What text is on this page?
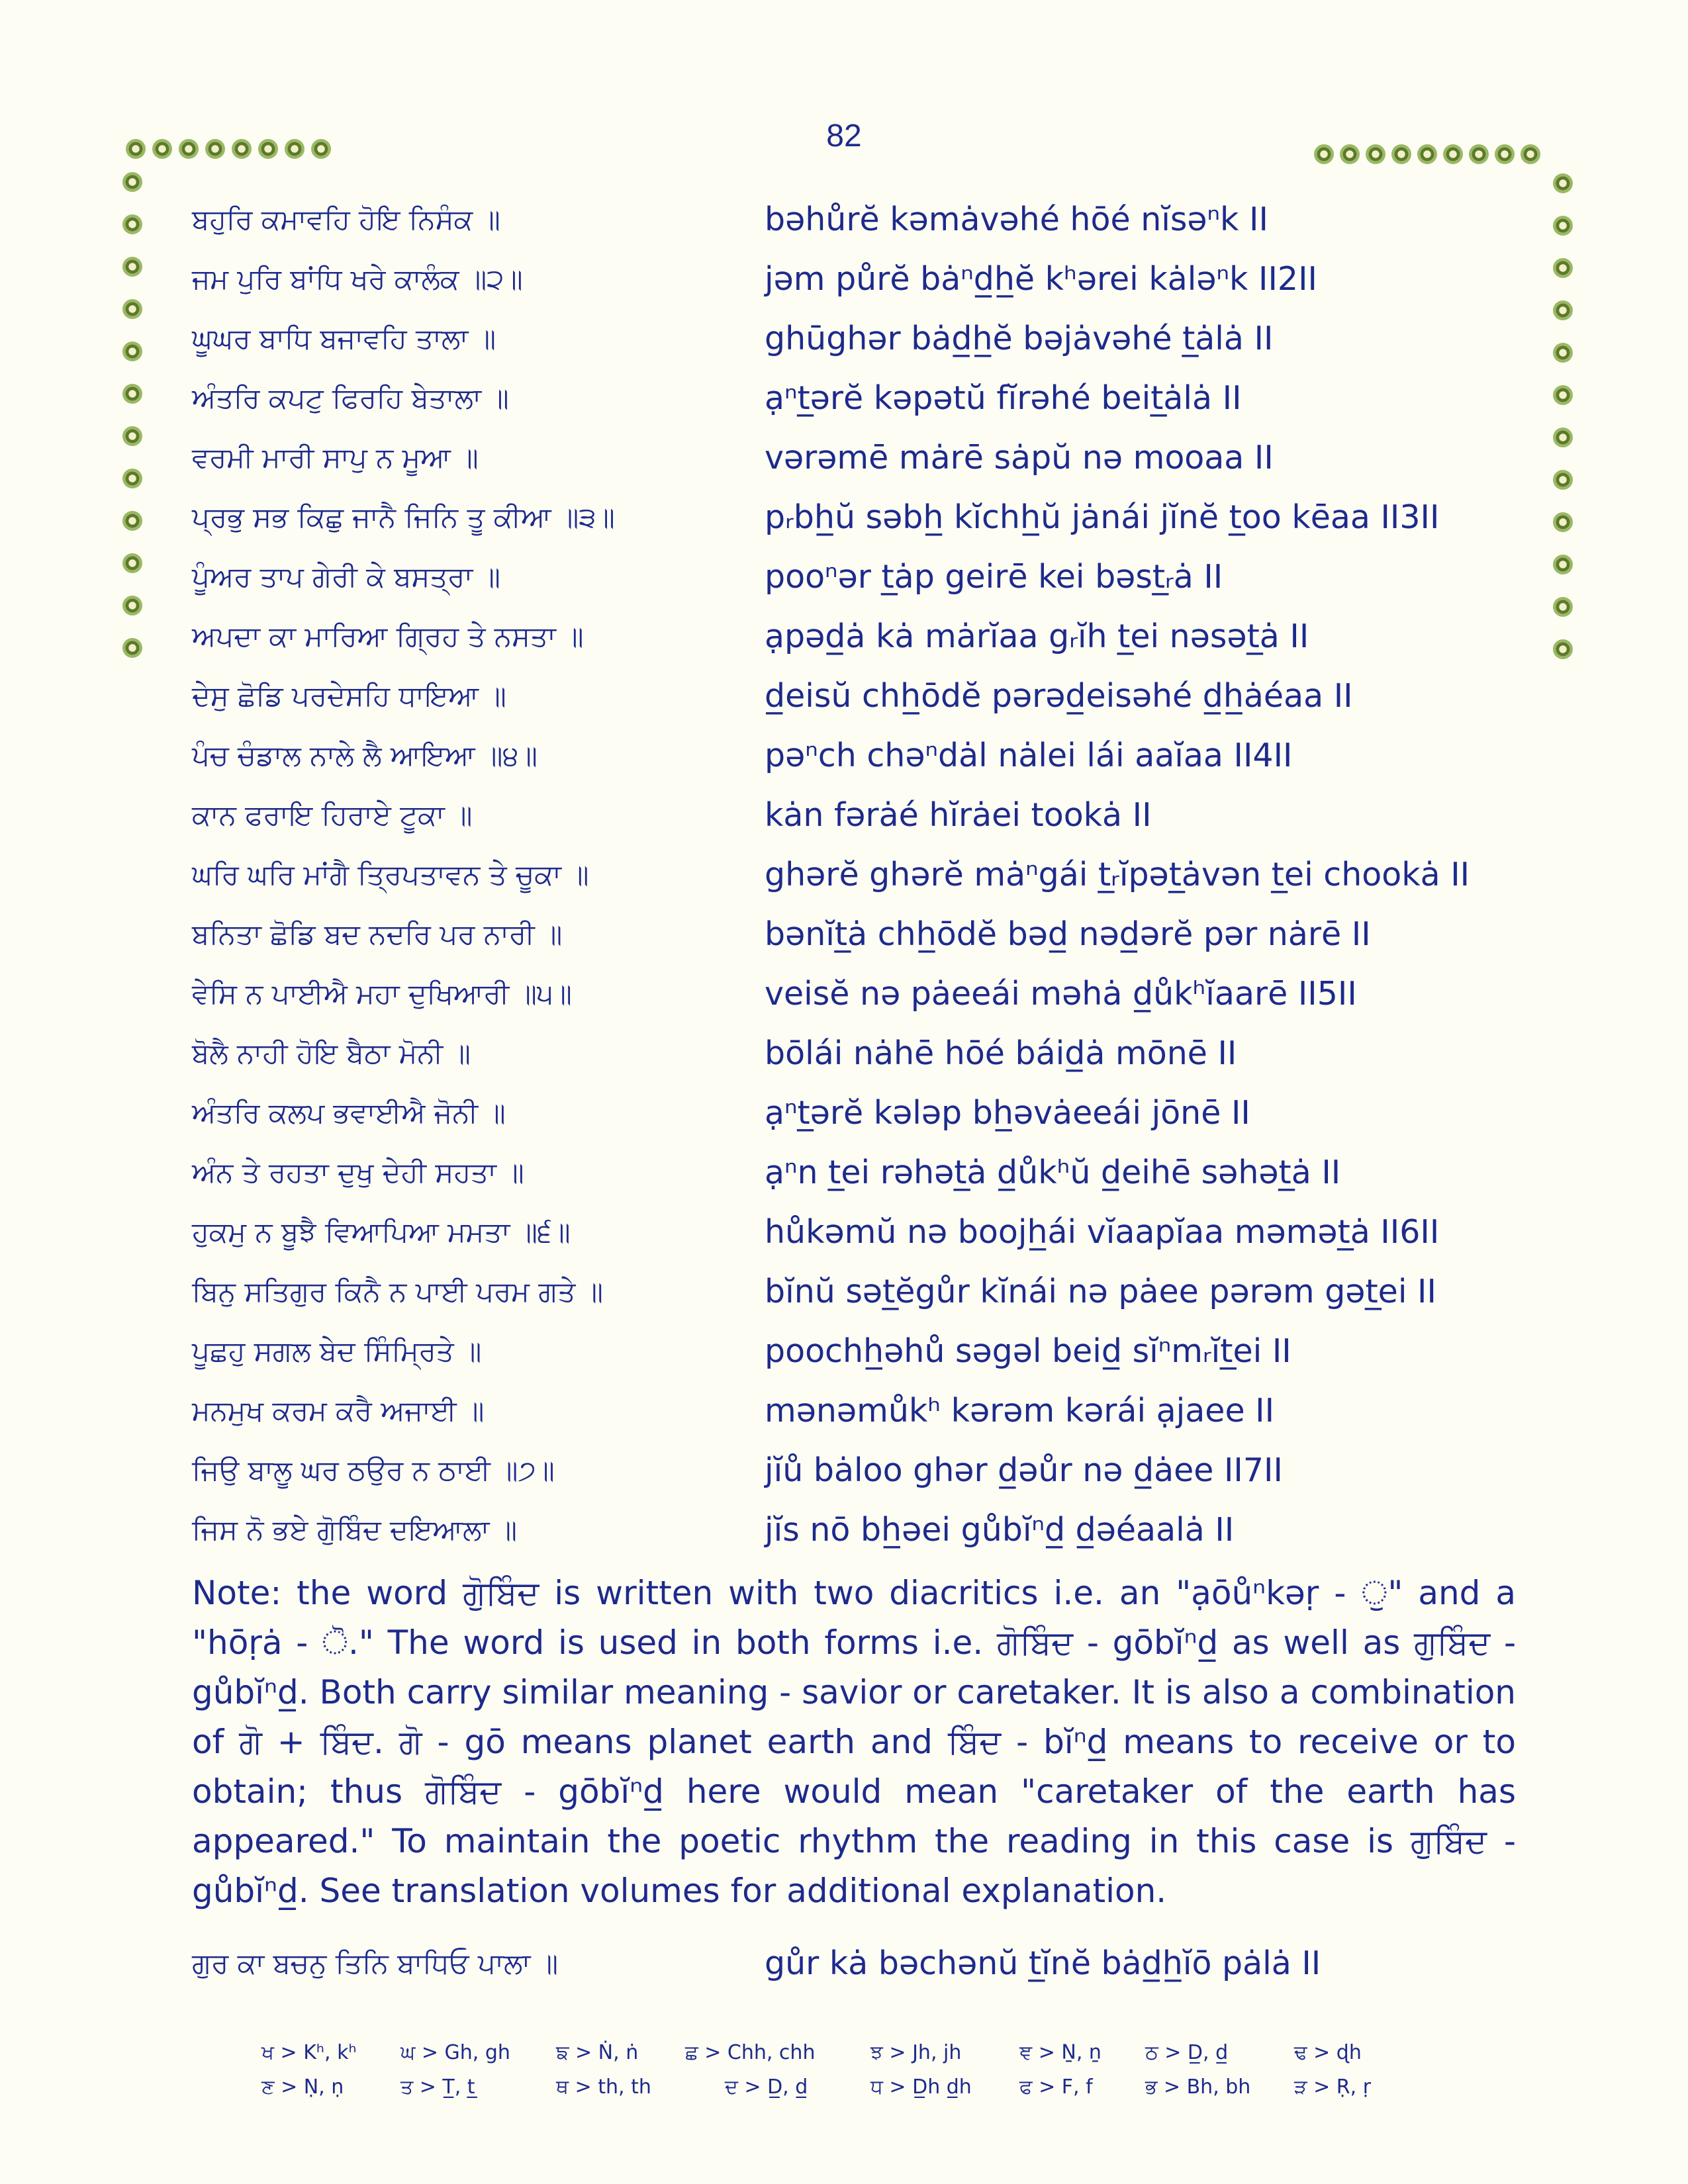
82
ਬਹੁਰਿ ਕਮਾਵਹਿ ਹੋਇ ਨਿਸੰਕ ॥	bəhůrĕ kəmȧvəhé hōé nĭsəⁿk II
ਜਮ ਪੁਰਿ ਬਾਂਧਿ ਖਰੇ ਕਾਲੰਕ ॥੨॥	jəm půrĕ bȧⁿd̲h̲ĕ kʰərei kȧləⁿk II2II
ਘੂਘਰ ਬਾਧਿ ਬਜਾਵਹਿ ਤਾਲਾ ॥	ghūghər bȧd̲h̲ĕ bəjȧvəhé t̲ȧlȧ II
ਅੰਤਰਿ ਕਪਟੁ ਫਿਰਹਿ ਬੇਤਾਲਾ ॥	ạⁿt̲ərĕ kəpətŭ fĭrəhé beit̲ȧlȧ II
ਵਰਮੀ ਮਾਰੀ ਸਾਪੁ ਨ ਮੂਆ ॥	vərəmē mȧrē sȧpŭ nə mooaa II
ਪ੍ਰਭੁ ਸਭ ਕਿਛੁ ਜਾਨੈ ਜਿਨਿ ਤੂ ਕੀਆ ॥੩॥	pᵣbh̲ŭ səbh̲ kĭchh̲ŭ jȧnái jĭnĕ t̲oo kēaa II3II
ਪੂੰਅਰ ਤਾਪ ਗੇਰੀ ਕੇ ਬਸਤ੍ਰਾ ॥	pooⁿər t̲ȧp geirē kei bəst̲ᵣȧ II
ਅਪਦਾ ਕਾ ਮਾਰਿਆ ਗ੍ਰਿਹ ਤੇ ਨਸਤਾ ॥	ạpəd̲ȧ kȧ mȧrĭaa gᵣĭh t̲ei nəsət̲ȧ II
ਦੇਸੁ ਛੋਡਿ ਪਰਦੇਸਹਿ ਧਾਇਆ ॥	d̲eisŭ chh̲ōdĕ pərəd̲eisəhé d̲h̲ȧéaa II
ਪੰਚ ਚੰਡਾਲ ਨਾਲੇ ਲੈ ਆਇਆ ॥੪॥	pəⁿch chəⁿdȧl nȧlei lái aaĭaa II4II
ਕਾਨ ਫਰਾਇ ਹਿਰਾਏ ਟੂਕਾ ॥	kȧn fərȧé hĭrȧei tookȧ II
ਘਰਿ ਘਰਿ ਮਾਂਗੈ ਤ੍ਰਿਪਤਾਵਨ ਤੇ ਚੂਕਾ ॥	ghərĕ ghərĕ mȧⁿgái t̲ᵣĭpət̲ȧvən t̲ei chookȧ II
ਬਨਿਤਾ ਛੋਡਿ ਬਦ ਨਦਰਿ ਪਰ ਨਾਰੀ ॥	bənĭt̲ȧ chh̲ōdĕ bəd̲ nəd̲ərĕ pər nȧrē II
ਵੇਸਿ ਨ ਪਾਈਐ ਮਹਾ ਦੁਖਿਆਰੀ ॥੫॥	veisĕ nə pȧeeái məhȧ d̲ůkʰĭaarē II5II
ਬੋਲੈ ਨਾਹੀ ਹੋਇ ਬੈਠਾ ਮੋਨੀ ॥	bōlái nȧhē hōé báid̲ȧ mōnē II
ਅੰਤਰਿ ਕਲਪ ਭਵਾਈਐ ਜੋਨੀ ॥	ạⁿt̲ərĕ kələp bh̲əvȧeeái jōnē II
ਅੰਨ ਤੇ ਰਹਤਾ ਦੁਖੁ ਦੇਹੀ ਸਹਤਾ ॥	ạⁿn t̲ei rəhət̲ȧ d̲ůkʰŭ d̲eihē səhət̲ȧ II
ਹੁਕਮੁ ਨ ਬੂਝੈ ਵਿਆਪਿਆ ਮਮਤਾ ॥੬॥	hůkəmŭ nə boojh̲ái vĭaapĭaa məmət̲ȧ II6II
ਬਿਨੁ ਸਤਿਗੁਰ ਕਿਨੈ ਨ ਪਾਈ ਪਰਮ ਗਤੇ ॥	bĭnŭ sət̲ĕgůr kĭnái nə pȧee pərəm gət̲ei II
ਪੂਛਹੁ ਸਗਲ ਬੇਦ ਸਿੰਮ੍ਰਿਤੇ ॥	poochh̲əhů səgəl beid̲ sĭⁿmᵣĭt̲ei II
ਮਨਮੁਖ ਕਰਮ ਕਰੈ ਅਜਾਈ ॥	mənəmůkʰ kərəm kərái ạjaee II
ਜਿਉ ਬਾਲੂ ਘਰ ਠਉਰ ਨ ਠਾਈ ॥੭॥	jĭů bȧloo ghər d̲əůr nə d̲ȧee II7II
ਜਿਸ ਨੋ ਭਏ ਗੁੋਬਿੰਦ ਦਇਆਲਾ ॥	jĭs nō bh̲əei gůbĭⁿd̲ d̲əéaalȧ II

Note: the word ਗੁੋਬਿੰਦ is written with two diacritics i.e. an "ạōůⁿkəṛ - ੁ" and a "hōṛȧ - ੋ." The word is used in both forms i.e. ਗੋਬਿੰਦ - gōbĭⁿd̲ as well as ਗੁਬਿੰਦ - gůbĭⁿd̲. Both carry similar meaning - savior or caretaker. It is also a combination of ਗੋ + ਬਿੰਦ. ਗੋ - gō means planet earth and ਬਿੰਦ - bĭⁿd̲ means to receive or to obtain; thus ਗੋਬਿੰਦ - gōbĭⁿd̲ here would mean "caretaker of the earth has appeared." To maintain the poetic rhythm the reading in this case is ਗੁਬਿੰਦ - gůbĭⁿd̲. See translation volumes for additional explanation.

ਗੁਰ ਕਾ ਬਚਨੁ ਤਿਨਿ ਬਾਧਿਓ ਪਾਲਾ ॥	gůr kȧ bəchənŭ t̲ĭnĕ bȧd̲h̲ĭō pȧlȧ II
ਖ > Kʰ, kʰ ਘ > Gh, gh ਙ > Ṅ, ṅ ਛ > Chh, chh	ਝ > Jh, jh	ਞ > Ṉ, ṉ ਠ > D̲, d̲	ਢ > ɖh
ਣ > Ṇ, ṇ	ਤ > T̲, t̲	ਥ > th, th	ਦ > D̲, d̲	ਧ > D̲h d̲h ਫ > F, f	ਭ > Bh, bh ੜ > Ṛ, ṛ
